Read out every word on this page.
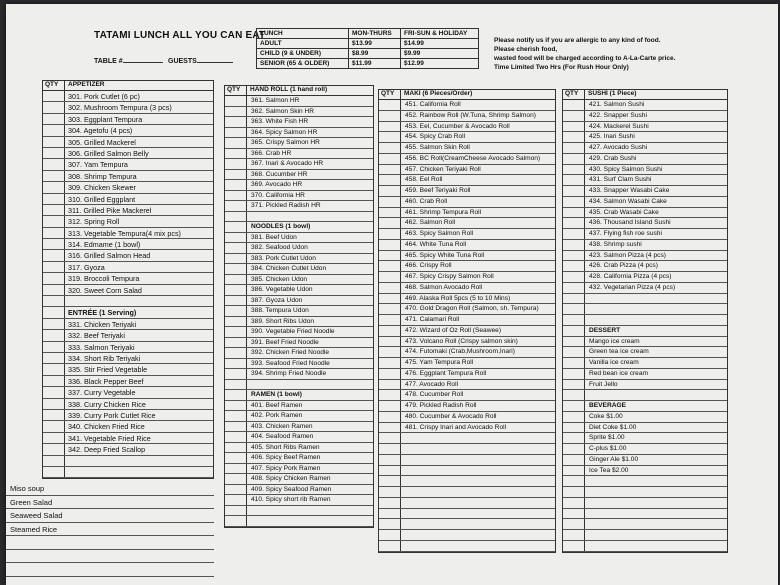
TATAMI LUNCH ALL YOU CAN EAT
TABLE #	GUESTS
LUNCH	MON-THURS	FRI-SUN & HOLIDAY
ADULT	$13.99	$14.99
CHILD (9 & UNDER)	$8.99	$9.99
SENIOR (65 & OLDER)	$11.99	$12.99
Please notify us if you are allergic to any kind of food.
Please cherish food,
wasted food will be charged according to A-La-Carte price.
Time Limited Two Hrs (For Rush Hour Only)
QTY	APPETIZER
301. Pork Cutlet (6 pc)
302. Mushroom Tempura (3 pcs)
303. Eggplant Tempura
304. Agetofu (4 pcs)
305. Grilled Mackerel
306. Grilled Salmon Belly
307. Yam Tempura
308. Shrimp Tempura
309. Chicken Skewer
310. Grilled Eggplant
311. Grilled Pike Mackerel
312. Spring Roll
313. Vegetable Tempura(4 mix pcs)
314. Edmame (1 bowl)
316. Grilled Salmon Head
317. Gyoza
319. Broccoli Tempura
320. Sweet Corn Salad
ENTRÉE (1 Serving)
331. Chicken Teriyaki
332. Beef Teriyaki
333. Salmon Teriyaki
334. Short Rib Teriyaki
335. Stir Fried Vegetable
336. Black Pepper Beef
337. Curry Vegetable
338. Curry Chicken Rice
339. Curry Pork Cutlet Rice
340. Chicken Fried Rice
341. Vegetable Fried Rice
342. Deep Fried Scallop
QTY	HAND ROLL (1 hand roll)
361. Salmon HR
362. Salmon Skin HR
363. White Fish HR
364. Spicy Salmon HR
365. Crispy Salmon HR
366. Crab HR
367. Inari & Avocado HR
368. Cucumber HR
369. Avocado HR
370. California HR
371. Pickled Radish HR
NOODLES (1 bowl)
381. Beef Udon
382. Seafood Udon
383. Pork Cutlet Udon
384. Chicken Cutlet Udon
385. Chicken Udon
386. Vegetable Udon
387. Gyoza Udon
388. Tempura Udon
389. Short Ribs Udon
390. Vegetable Fried Noodle
391. Beef Fried Noodle
392. Chicken Fried Noodle
393. Seafood Fried Noodle
394. Shrimp Fried Noodle
RAMEN (1 bowl)
401. Beef Ramen
402. Pork Ramen
403. Chicken Ramen
404. Seafood Ramen
405. Short Ribs Ramen
406. Spicy Beef Ramen
407. Spicy Pork Ramen
408. Spicy Chicken Ramen
409. Spicy Seafood Ramen
410. Spicy short rib Ramen
QTY	MAKI (6 Pieces/Order)
451. California Roll
452. Rainbow Roll (W.Tuna, Shrimp Salmon)
453. Eel, Cucumber & Avocado Roll
454. Spicy Crab Roll
455. Salmon Skin Roll
456. BC Roll(CreamCheese Avocado Salmon)
457. Chicken Teriyaki Roll
458. Eel Roll
459. Beef Teriyaki Roll
460. Crab Roll
461. Shrimp Tempura Roll
462. Salmon Roll
463. Spicy Salmon Roll
464. White Tuna Roll
465. Spicy White Tuna Roll
466. Crispy Roll
467. Spicy Crispy Salmon Roll
468. Salmon Avocado Roll
469. Alaska Roll 5pcs (5 to 10 Mins)
470. Gold Dragon Roll (Salmon, sh. Tempura)
471. Calamari Roll
472. Wizard of Oz Roll (Seawee)
473. Volcano Roll (Crispy salmon skin)
474. Futomaki (Crab,Mushroom,Inari)
475. Yam Tempura Roll
476. Eggplant Tempura Roll
477. Avocado Roll
478. Cucumber Roll
479. Pickled Radish Roll
480. Cucumber & Avocado Roll
481. Crispy Inari and Avocado Roll
QTY	SUSHI (1 Piece)
421. Salmon Sushi
422. Snapper Sushi
424. Mackerel Sushi
425. Inari Sushi
427. Avocado Sushi
429. Crab Sushi
430. Spicy Salmon Sushi
431. Surf Clam Sushi
433. Snapper Wasabi Cake
434. Salmon Wasabi Cake
435. Crab Wasabi Cake
436. Thousand Island Sushi
437. Flying fish roe sushi
438. Shrimp sushi
423. Salmon Pizza (4 pcs)
426. Crab Pizza (4 pcs)
428. California Pizza (4 pcs)
432. Vegetarian Pizza (4 pcs)
DESSERT
Mango ice cream
Green tea ice cream
Vanilla ice cream
Red bean ice cream
Fruit Jello
BEVERAGE
Coke $1.00
Diet Coke $1.00
Sprite $1.00
C-plus $1.00
Ginger Ale $1.00
Ice Tea $2.00
Miso soup
Green Salad
Seaweed Salad
Steamed Rice
